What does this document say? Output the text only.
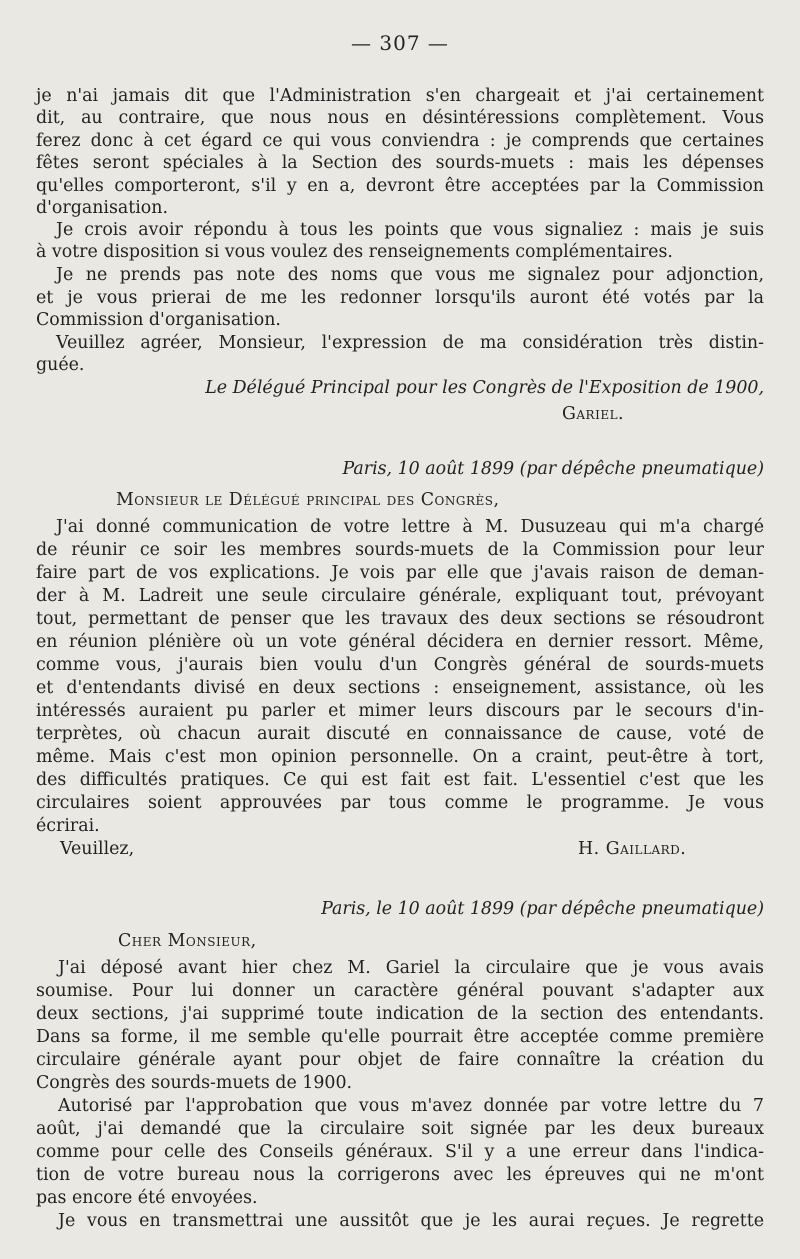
— 307 —
je n'ai jamais dit que l'Administration s'en chargeait et j'ai certainement
dit, au contraire, que nous nous en désintéressions complètement. Vous
ferez donc à cet égard ce qui vous conviendra : je comprends que certaines
fêtes seront spéciales à la Section des sourds-muets : mais les dépenses
qu'elles comporteront, s'il y en a, devront être acceptées par la Commission
d'organisation.
Je crois avoir répondu à tous les points que vous signaliez : mais je suis
à votre disposition si vous voulez des renseignements complémentaires.
Je ne prends pas note des noms que vous me signalez pour adjonction,
et je vous prierai de me les redonner lorsqu'ils auront été votés par la
Commission d'organisation.
Veuillez agréer, Monsieur, l'expression de ma considération très distin-
guée.
Le Délégué Principal pour les Congrès de l'Exposition de 1900,
Gariel.
Paris, 10 août 1899 (par dépêche pneumatique)
Monsieur le Délégué principal des Congrès,
J'ai donné communication de votre lettre à M. Dusuzeau qui m'a chargé
de réunir ce soir les membres sourds-muets de la Commission pour leur
faire part de vos explications. Je vois par elle que j'avais raison de deman-
der à M. Ladreit une seule circulaire générale, expliquant tout, prévoyant
tout, permettant de penser que les travaux des deux sections se résoudront
en réunion plénière où un vote général décidera en dernier ressort. Même,
comme vous, j'aurais bien voulu d'un Congrès général de sourds-muets
et d'entendants divisé en deux sections : enseignement, assistance, où les
intéressés auraient pu parler et mimer leurs discours par le secours d'in-
terprètes, où chacun aurait discuté en connaissance de cause, voté de
même. Mais c'est mon opinion personnelle. On a craint, peut-être à tort,
des difficultés pratiques. Ce qui est fait est fait. L'essentiel c'est que les
circulaires soient approuvées par tous comme le programme. Je vous
écrirai.
Veuillez,	H. Gaillard.
Paris, le 10 août 1899 (par dépêche pneumatique)
Cher Monsieur,
J'ai déposé avant hier chez M. Gariel la circulaire que je vous avais
soumise. Pour lui donner un caractère général pouvant s'adapter aux
deux sections, j'ai supprimé toute indication de la section des entendants.
Dans sa forme, il me semble qu'elle pourrait être acceptée comme première
circulaire générale ayant pour objet de faire connaître la création du
Congrès des sourds-muets de 1900.
Autorisé par l'approbation que vous m'avez donnée par votre lettre du 7
août, j'ai demandé que la circulaire soit signée par les deux bureaux
comme pour celle des Conseils généraux. S'il y a une erreur dans l'indica-
tion de votre bureau nous la corrigerons avec les épreuves qui ne m'ont
pas encore été envoyées.
Je vous en transmettrai une aussitôt que je les aurai reçues. Je regrette
